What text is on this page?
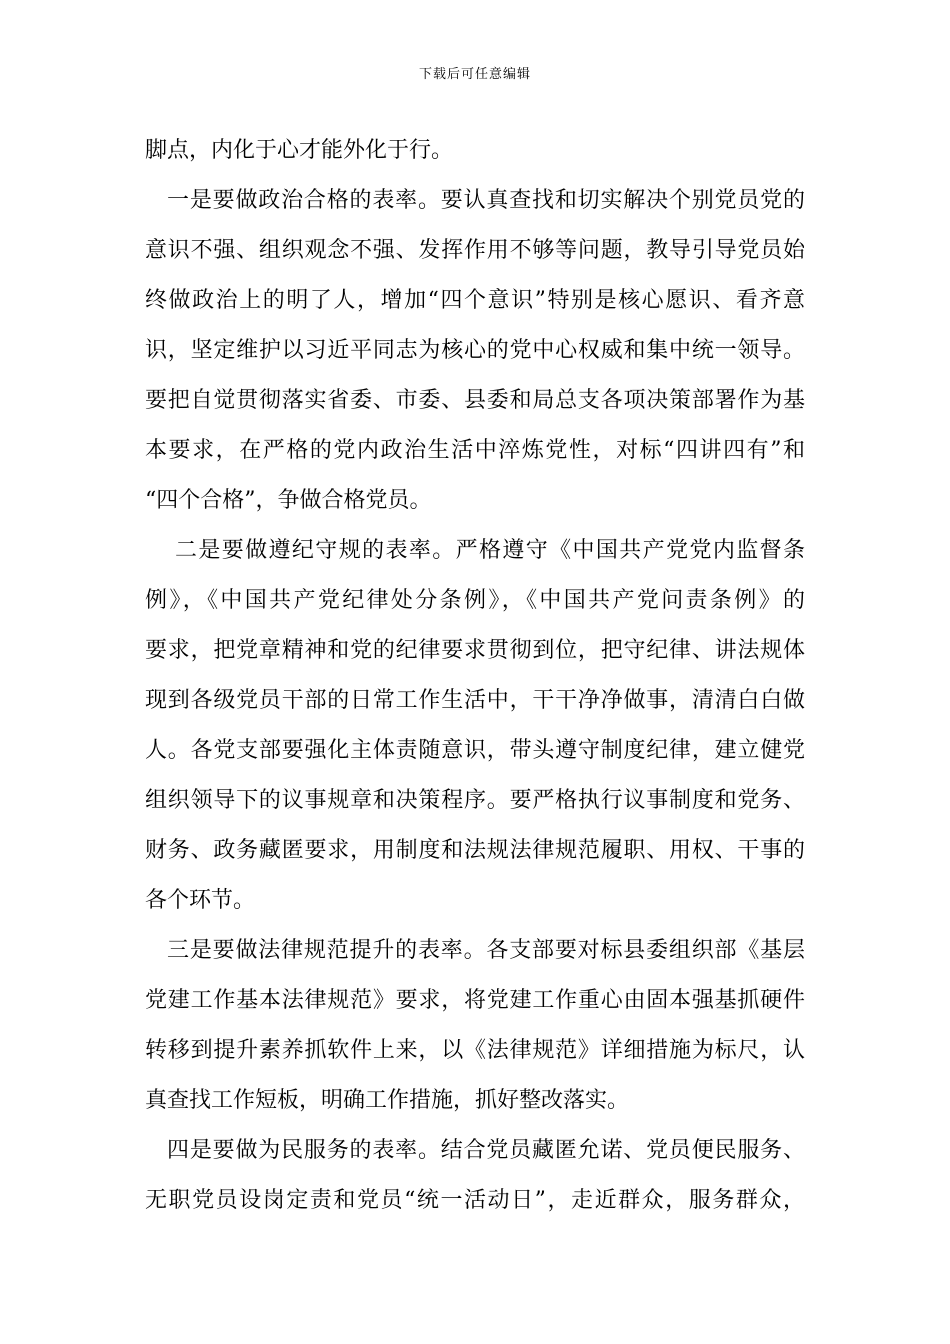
下载后可任意编辑
脚点，内化于心才能外化于行。
一是要做政治合格的表率。要认真查找和切实解决个别党员党的
意识不强、组织观念不强、发挥作用不够等问题，教导引导党员始
终做政治上的明了人，增加“四个意识”特别是核心愿识、看齐意
识，坚定维护以习近平同志为核心的党中心权威和集中统一领导。
要把自觉贯彻落实省委、市委、县委和局总支各项决策部署作为基
本要求，在严格的党内政治生活中淬炼党性，对标“四讲四有”和
“四个合格”，争做合格党员。
二是要做遵纪守规的表率。严格遵守《中国共产党党内监督条
例》，《中国共产党纪律处分条例》，《中国共产党问责条例》的
要求，把党章精神和党的纪律要求贯彻到位，把守纪律、讲法规体
现到各级党员干部的日常工作生活中，干干净净做事，清清白白做
人。各党支部要强化主体责随意识，带头遵守制度纪律，建立健党
组织领导下的议事规章和决策程序。要严格执行议事制度和党务、
财务、政务藏匿要求，用制度和法规法律规范履职、用权、干事的
各个环节。
三是要做法律规范提升的表率。各支部要对标县委组织部《基层
党建工作基本法律规范》要求，将党建工作重心由固本强基抓硬件
转移到提升素养抓软件上来，以《法律规范》详细措施为标尺，认
真查找工作短板，明确工作措施，抓好整改落实。
四是要做为民服务的表率。结合党员藏匿允诺、党员便民服务、
无职党员设岗定责和党员“统一活动日”，走近群众，服务群众，
